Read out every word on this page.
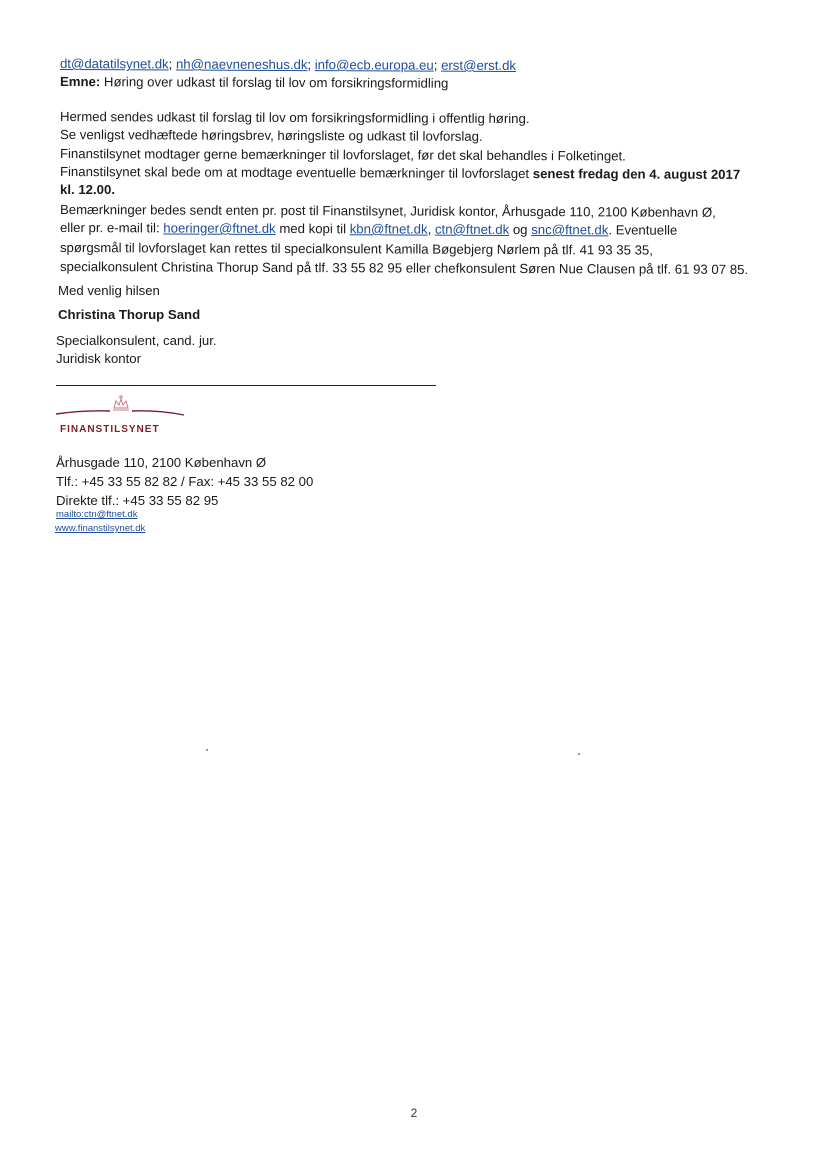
dt@datatilsynet.dk; nh@naevneneshus.dk; info@ecb.europa.eu; erst@erst.dk
Emne: Høring over udkast til forslag til lov om forsikringsformidling
Hermed sendes udkast til forslag til lov om forsikringsformidling i offentlig høring.
Se venligst vedhæftede høringsbrev, høringsliste og udkast til lovforslag.
Finanstilsynet modtager gerne bemærkninger til lovforslaget, før det skal behandles i Folketinget.
Finanstilsynet skal bede om at modtage eventuelle bemærkninger til lovforslaget senest fredag den 4. august 2017
kl. 12.00.
Bemærkninger bedes sendt enten pr. post til Finanstilsynet, Juridisk kontor, Århusgade 110, 2100 København Ø,
eller pr. e-mail til: hoeringer@ftnet.dk med kopi til kbn@ftnet.dk, ctn@ftnet.dk og snc@ftnet.dk. Eventuelle
spørgsmål til lovforslaget kan rettes til specialkonsulent Kamilla Bøgebjerg Nørlem på tlf. 41 93 35 35,
specialkonsulent Christina Thorup Sand på tlf. 33 55 82 95 eller chefkonsulent Søren Nue Clausen på tlf. 61 93 07 85.
Med venlig hilsen
Christina Thorup Sand
Specialkonsulent, cand. jur.
Juridisk kontor
FINANSTILSYNET
Århusgade 110, 2100 København Ø
Tlf.: +45 33 55 82 82 / Fax: +45 33 55 82 00
Direkte tlf.: +45 33 55 82 95
mailto:ctn@ftnet.dk
www.finanstilsynet.dk
2
